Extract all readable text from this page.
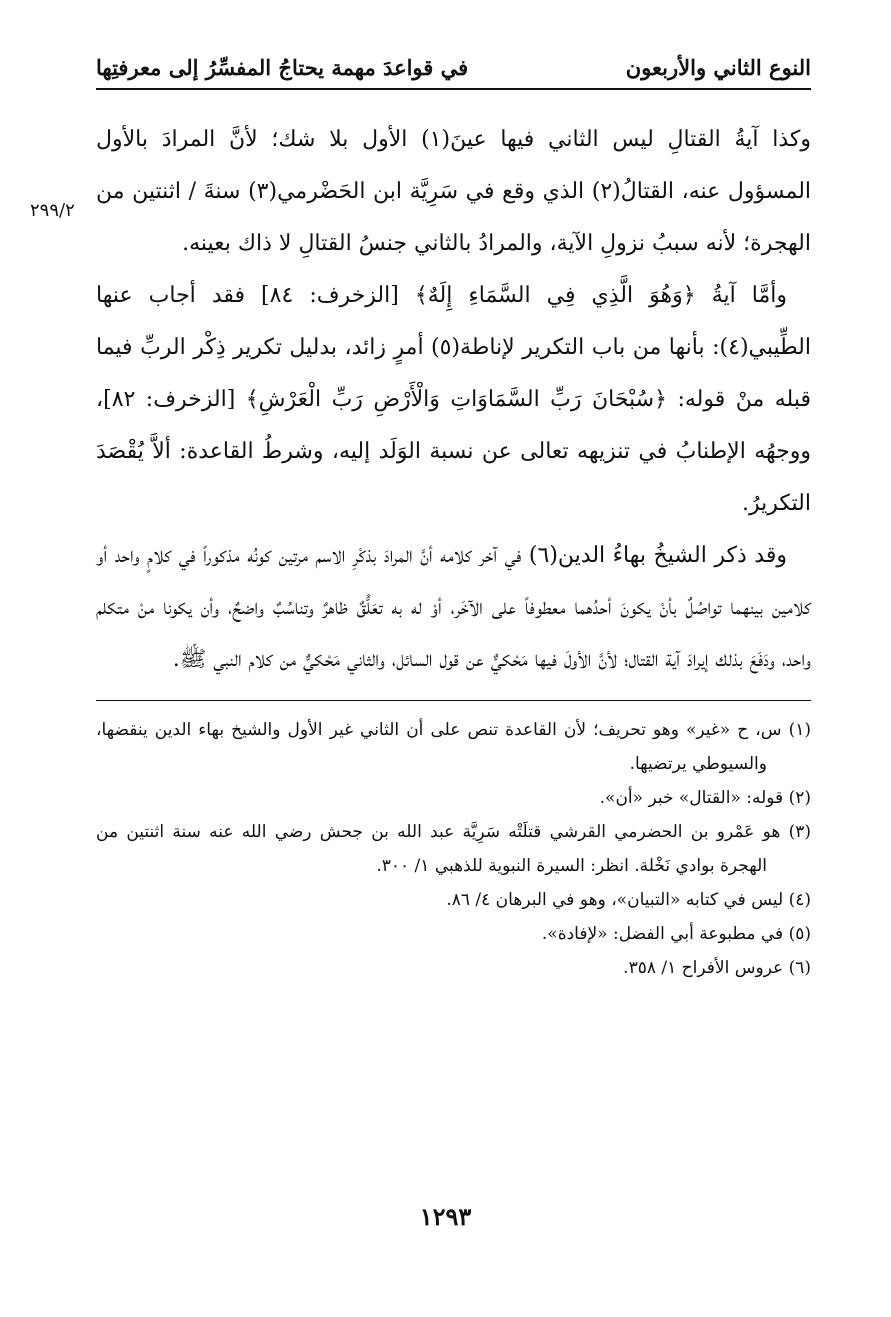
النوع الثاني والأربعون
في قواعدَ مهمة يحتاجُ المفسِّرُ إلى معرفتِها

وكذا آيةُ القتالِ ليس الثاني فيها عينَ(١) الأول بلا شك؛ لأنَّ المرادَ بالأول المسؤول عنه، القتالُ(٢) الذي وقع في سَرِيَّة ابن الحَضْرمي(٣) سنةَ / اثنتين من الهجرة؛ لأنه سببُ نزولِ الآية، والمرادُ بالثاني جنسُ القتالِ لا ذاك بعينه.

وأمَّا آيةُ ﴿وَهُوَ الَّذِي فِي السَّمَاءِ إِلَهٌ﴾ [الزخرف: ٨٤] فقد أجاب عنها الطِّيبي(٤): بأنها من باب التكرير لإناطة(٥) أمرٍ زائد، بدليل تكرير ذِكْر الربِّ فيما قبله منْ قوله: ﴿سُبْحَانَ رَبِّ السَّمَاوَاتِ وَالْأَرْضِ رَبِّ الْعَرْشِ﴾ [الزخرف: ٨٢]، ووجهُه الإطنابُ في تنزيهه تعالى عن نسبة الوَلَد إليه، وشرطُ القاعدة: ألاَّ يُقْصَدَ التكريرُ.

وقد ذكر الشيخُ بهاءُ الدين(٦) في آخر كلامه أنَّ المرادَ بذكْرِ الاسم مرتين كونُه مذكوراً في كلامٍ واحد أو كلامين بينهما تواصُلٌ بأنْ يكونَ أحدُهما معطوفاً على الآخَر، أوْ له به تعَلُّقٌ ظاهرٌ وتناسُبٌ واضحٌ، وأن يكونا منْ متكلم واحد، ودَفَعَ بذلك إيرادَ آية القتال؛ لأنَّ الأولَ فيها مَحْكيٌّ عن قول السائل، والثاني مَحْكيٌّ من كلام النبي ﷺ.

٢٩٩/٢

(١) س، ح «غير» وهو تحريف؛ لأن القاعدة تنص على أن الثاني غير الأول والشيخ بهاء الدين ينقضها، والسيوطي يرتضيها.

(٢) قوله: «القتال» خبر «أن».

(٣) هو عَمْرو بن الحضرمي القرشي قتلَتْه سَرِيَّة عبد الله بن جحش رضي الله عنه سنة اثنتين من الهجرة بوادي نَخْلة. انظر: السيرة النبوية للذهبي ١/ ٣٠٠.

(٤) ليس في كتابه «التبيان»، وهو في البرهان ٤/ ٨٦.

(٥) في مطبوعة أبي الفضل: «لإفادة».

(٦) عروس الأفراح ١/ ٣٥٨.

١٢٩٣
